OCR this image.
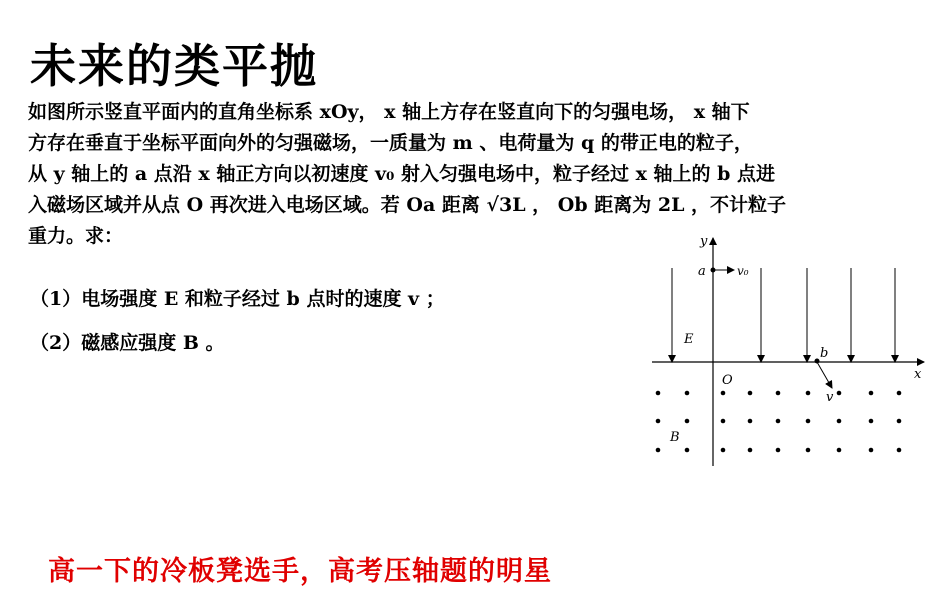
未来的类平抛
如图所示竖直平面内的直角坐标系 xOy， x 轴上方存在竖直向下的匀强电场， x 轴下
方存在垂直于坐标平面向外的匀强磁场，一质量为 m 、电荷量为 q 的带正电的粒子，
从 y 轴上的 a 点沿 x 轴正方向以初速度 v₀ 射入匀强电场中，粒子经过 x 轴上的 b 点进
入磁场区域并从点 O 再次进入电场区域。若 Oa 距离 √3L ， Ob 距离为 2L ，不计粒子
重力。求：
（1）电场强度 E 和粒子经过 b 点时的速度 v ；
（2）磁感应强度 B 。
y
x
O
a	v₀
E
b
v
B
高一下的冷板凳选手，高考压轴题的明星
